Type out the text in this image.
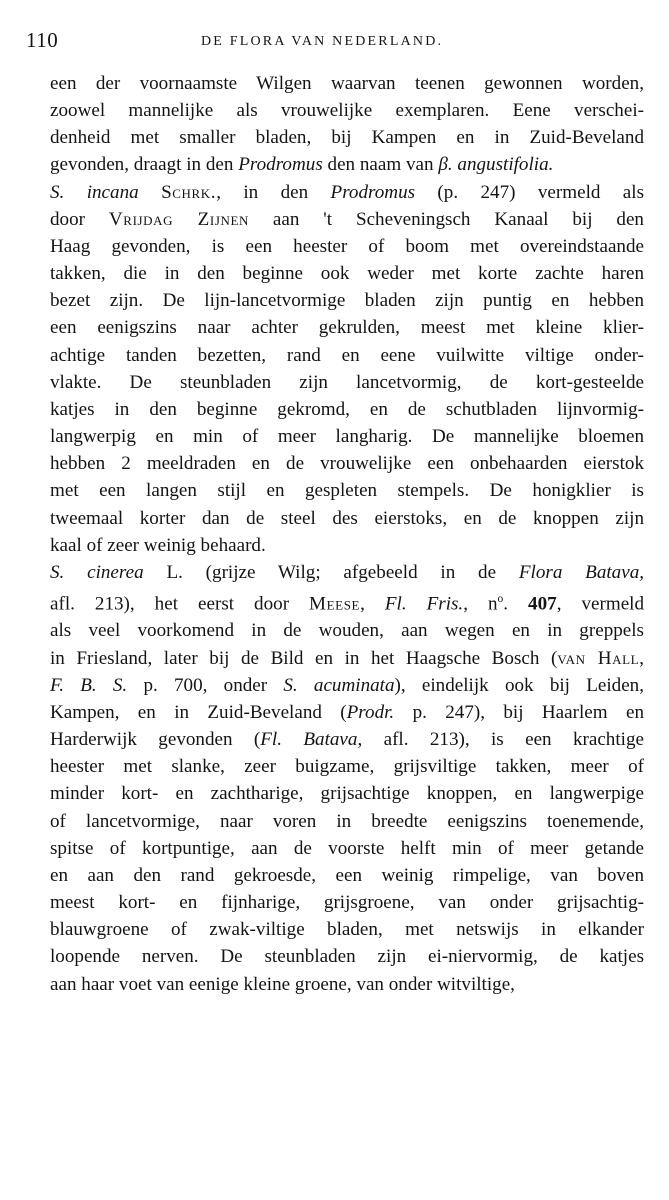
110	DE FLORA VAN NEDERLAND.

een der voornaamste Wilgen waarvan teenen gewonnen worden,
zoowel mannelijke als vrouwelijke exemplaren. Eene verschei-
denheid met smaller bladen, bij Kampen en in Zuid-Beveland
gevonden, draagt in den Prodromus den naam van β. angustifolia.

S. incana Schrk., in den Prodromus (p. 247) vermeld als
door Vrijdag Zijnen aan 't Scheveningsch Kanaal bij den
Haag gevonden, is een heester of boom met overeindstaande
takken, die in den beginne ook weder met korte zachte haren
bezet zijn. De lijn-lancetvormige bladen zijn puntig en hebben
een eenigszins naar achter gekrulden, meest met kleine klier-
achtige tanden bezetten, rand en eene vuilwitte viltige onder-
vlakte. De steunbladen zijn lancetvormig, de kort-gesteelde
katjes in den beginne gekromd, en de schutbladen lijnvormig-
langwerpig en min of meer langharig. De mannelijke bloemen
hebben 2 meeldraden en de vrouwelijke een onbehaarden eierstok
met een langen stijl en gespleten stempels. De honigklier is
tweemaal korter dan de steel des eierstoks, en de knoppen zijn
kaal of zeer weinig behaard.

S. cinerea L. (grijze Wilg; afgebeeld in de Flora Batava,
afl. 213), het eerst door Meese, Fl. Fris., $n^o$. 407, vermeld
als veel voorkomend in de wouden, aan wegen en in greppels
in Friesland, later bij de Bild en in het Haagsche Bosch (van Hall,
F. B. S. p. 700, onder S. acuminata), eindelijk ook bij Leiden,
Kampen, en in Zuid-Beveland (Prodr. p. 247), bij Haarlem en
Harderwijk gevonden (Fl. Batava, afl. 213), is een krachtige
heester met slanke, zeer buigzame, grijsviltige takken, meer of
minder kort- en zachtharige, grijsachtige knoppen, en langwerpige
of lancetvormige, naar voren in breedte eenigszins toenemende,
spitse of kortpuntige, aan de voorste helft min of meer getande
en aan den rand gekroesde, een weinig rimpelige, van boven
meest kort- en fijnharige, grijsgroene, van onder grijsachtig-
blauwgroene of zwak-viltige bladen, met netswijs in elkander
loopende nerven. De steunbladen zijn ei-niervormig, de katjes
aan haar voet van eenige kleine groene, van onder witviltige,
